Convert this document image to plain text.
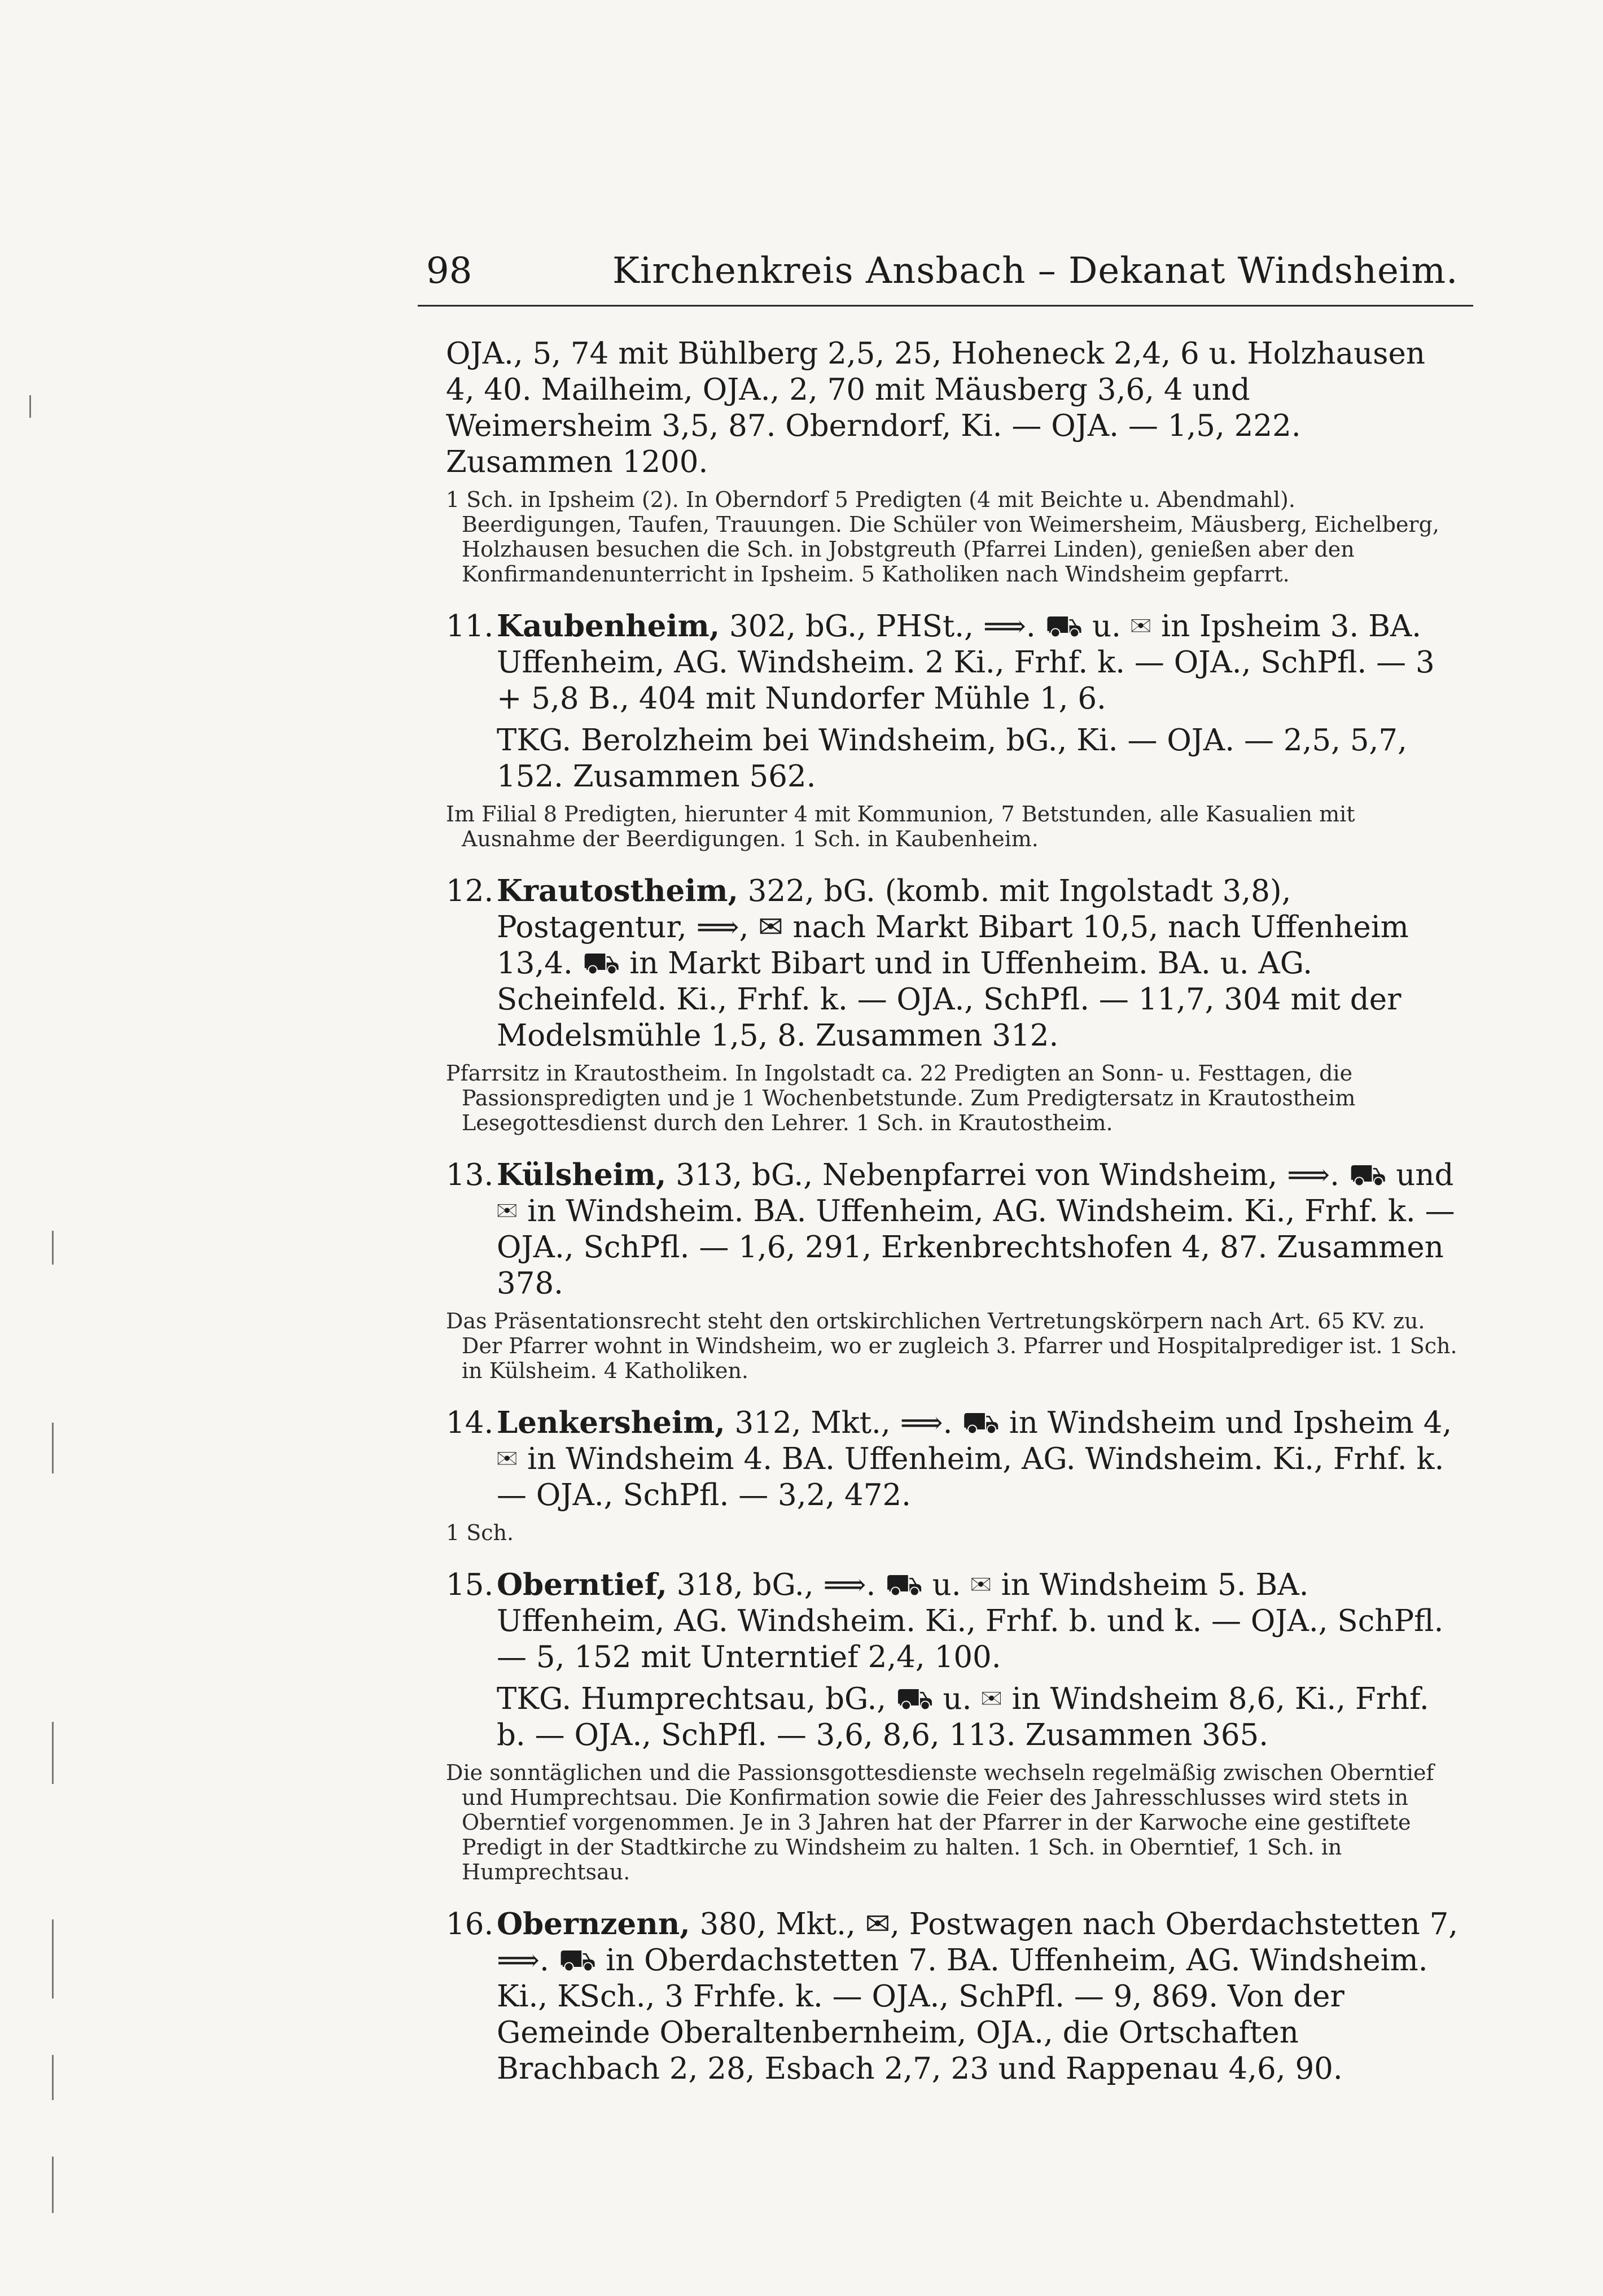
98	Kirchenkreis Ansbach – Dekanat Windsheim.

OJA., 5, 74 mit Bühlberg 2,5, 25, Hoheneck 2,4, 6 u. Holzhausen 4, 40. Mailheim, OJA., 2, 70 mit Mäusberg 3,6, 4 und Weimersheim 3,5, 87. Oberndorf, Ki. — OJA. — 1,5, 222. Zusammen 1200.

1 Sch. in Ipsheim (2). In Oberndorf 5 Predigten (4 mit Beichte u. Abendmahl). Beerdigungen, Taufen, Trauungen. Die Schüler von Weimersheim, Mäusberg, Eichelberg, Holzhausen besuchen die Sch. in Jobstgreuth (Pfarrei Linden), genießen aber den Konfirmandenunterricht in Ipsheim. 5 Katholiken nach Windsheim gepfarrt.

11. Kaubenheim, 302, bG., PHSt., ⟹. ⛟ u. ✉ in Ipsheim 3. BA. Uffenheim, AG. Windsheim. 2 Ki., Frhf. k. — OJA., SchPfl. — 3 + 5,8 B., 404 mit Nundorfer Mühle 1, 6.

TKG. Berolzheim bei Windsheim, bG., Ki. — OJA. — 2,5, 5,7, 152. Zusammen 562.

Im Filial 8 Predigten, hierunter 4 mit Kommunion, 7 Betstunden, alle Kasualien mit Ausnahme der Beerdigungen. 1 Sch. in Kaubenheim.

12. Krautostheim, 322, bG. (komb. mit Ingolstadt 3,8), Postagentur, ⟹, ✉ nach Markt Bibart 10,5, nach Uffenheim 13,4. ⛟ in Markt Bibart und in Uffenheim. BA. u. AG. Scheinfeld. Ki., Frhf. k. — OJA., SchPfl. — 11,7, 304 mit der Modelsmühle 1,5, 8. Zusammen 312.

Pfarrsitz in Krautostheim. In Ingolstadt ca. 22 Predigten an Sonn- u. Festtagen, die Passionspredigten und je 1 Wochenbetstunde. Zum Predigtersatz in Krautostheim Lesegottesdienst durch den Lehrer. 1 Sch. in Krautostheim.

13. Külsheim, 313, bG., Nebenpfarrei von Windsheim, ⟹. ⛟ und ✉ in Windsheim. BA. Uffenheim, AG. Windsheim. Ki., Frhf. k. — OJA., SchPfl. — 1,6, 291, Erkenbrechtshofen 4, 87. Zusammen 378.

Das Präsentationsrecht steht den ortskirchlichen Vertretungskörpern nach Art. 65 KV. zu. Der Pfarrer wohnt in Windsheim, wo er zugleich 3. Pfarrer und Hospitalprediger ist. 1 Sch. in Külsheim. 4 Katholiken.

14. Lenkersheim, 312, Mkt., ⟹. ⛟ in Windsheim und Ipsheim 4, ✉ in Windsheim 4. BA. Uffenheim, AG. Windsheim. Ki., Frhf. k. — OJA., SchPfl. — 3,2, 472.

1 Sch.

15. Oberntief, 318, bG., ⟹. ⛟ u. ✉ in Windsheim 5. BA. Uffenheim, AG. Windsheim. Ki., Frhf. b. und k. — OJA., SchPfl. — 5, 152 mit Unterntief 2,4, 100.

TKG. Humprechtsau, bG., ⛟ u. ✉ in Windsheim 8,6, Ki., Frhf. b. — OJA., SchPfl. — 3,6, 8,6, 113. Zusammen 365.

Die sonntäglichen und die Passionsgottesdienste wechseln regelmäßig zwischen Oberntief und Humprechtsau. Die Konfirmation sowie die Feier des Jahresschlusses wird stets in Oberntief vorgenommen. Je in 3 Jahren hat der Pfarrer in der Karwoche eine gestiftete Predigt in der Stadtkirche zu Windsheim zu halten. 1 Sch. in Oberntief, 1 Sch. in Humprechtsau.

16. Obernzenn, 380, Mkt., ✉, Postwagen nach Oberdachstetten 7, ⟹. ⛟ in Oberdachstetten 7. BA. Uffenheim, AG. Windsheim. Ki., KSch., 3 Frhfe. k. — OJA., SchPfl. — 9, 869. Von der Gemeinde Oberaltenbernheim, OJA., die Ortschaften Brachbach 2, 28, Esbach 2,7, 23 und Rappenau 4,6, 90.
